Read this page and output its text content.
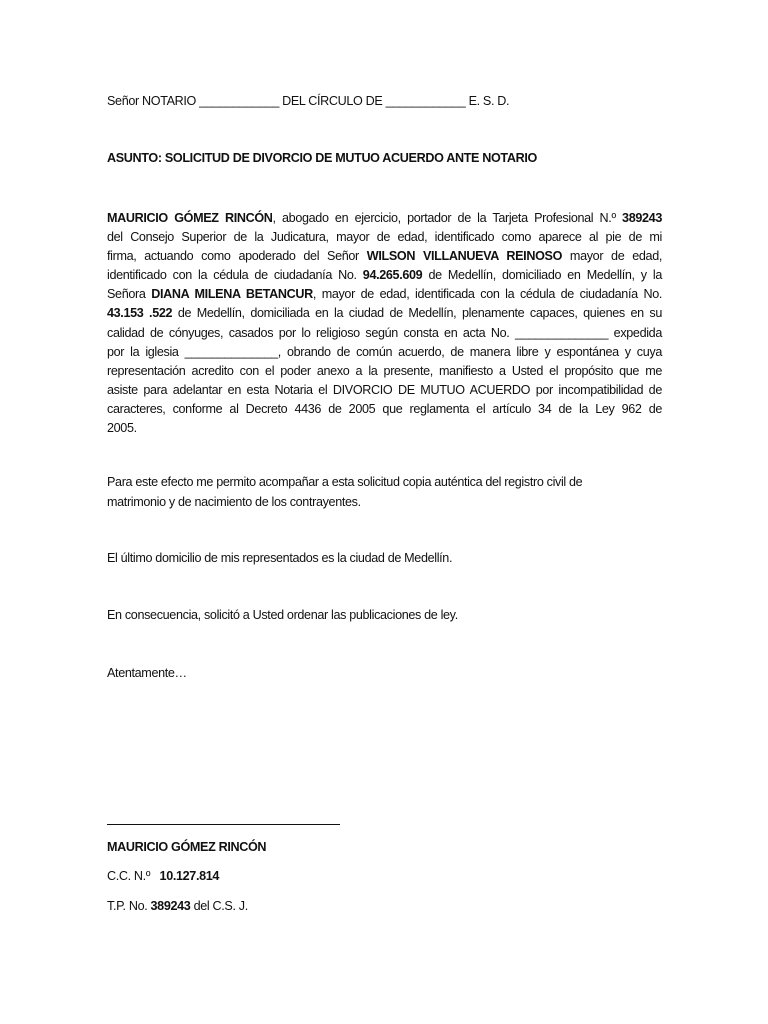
Señor NOTARIO ____________ DEL CÍRCULO DE ____________ E. S. D.
ASUNTO: SOLICITUD DE DIVORCIO DE MUTUO ACUERDO ANTE NOTARIO
MAURICIO GÓMEZ RINCÓN, abogado en ejercicio, portador de la Tarjeta Profesional N.º 389243
del Consejo Superior de la Judicatura, mayor de edad, identificado como aparece al pie de mi
firma, actuando como apoderado del Señor WILSON VILLANUEVA REINOSO mayor de edad,
identificado con la cédula de ciudadanía No. 94.265.609 de Medellín, domiciliado en Medellín, y la
Señora DIANA MILENA BETANCUR, mayor de edad, identificada con la cédula de ciudadanía No.
43.153 .522 de Medellín, domiciliada en la ciudad de Medellín, plenamente capaces, quienes en su
calidad de cónyuges, casados por lo religioso según consta en acta No. ______________ expedida
por la iglesia ______________, obrando de común acuerdo, de manera libre y espontánea y cuya
representación acredito con el poder anexo a la presente, manifiesto a Usted el propósito que me
asiste para adelantar en esta Notaria el DIVORCIO DE MUTUO ACUERDO por incompatibilidad de
caracteres, conforme al Decreto 4436 de 2005 que reglamenta el artículo 34 de la Ley 962 de
2005.
Para este efecto me permito acompañar a esta solicitud copia auténtica del registro civil de
matrimonio y de nacimiento de los contrayentes.
El último domicilio de mis representados es la ciudad de Medellín.
En consecuencia, solicitó a Usted ordenar las publicaciones de ley.
Atentamente…
MAURICIO GÓMEZ RINCÓN
C.C. N.º 10.127.814
T.P. No. 389243 del C.S. J.
